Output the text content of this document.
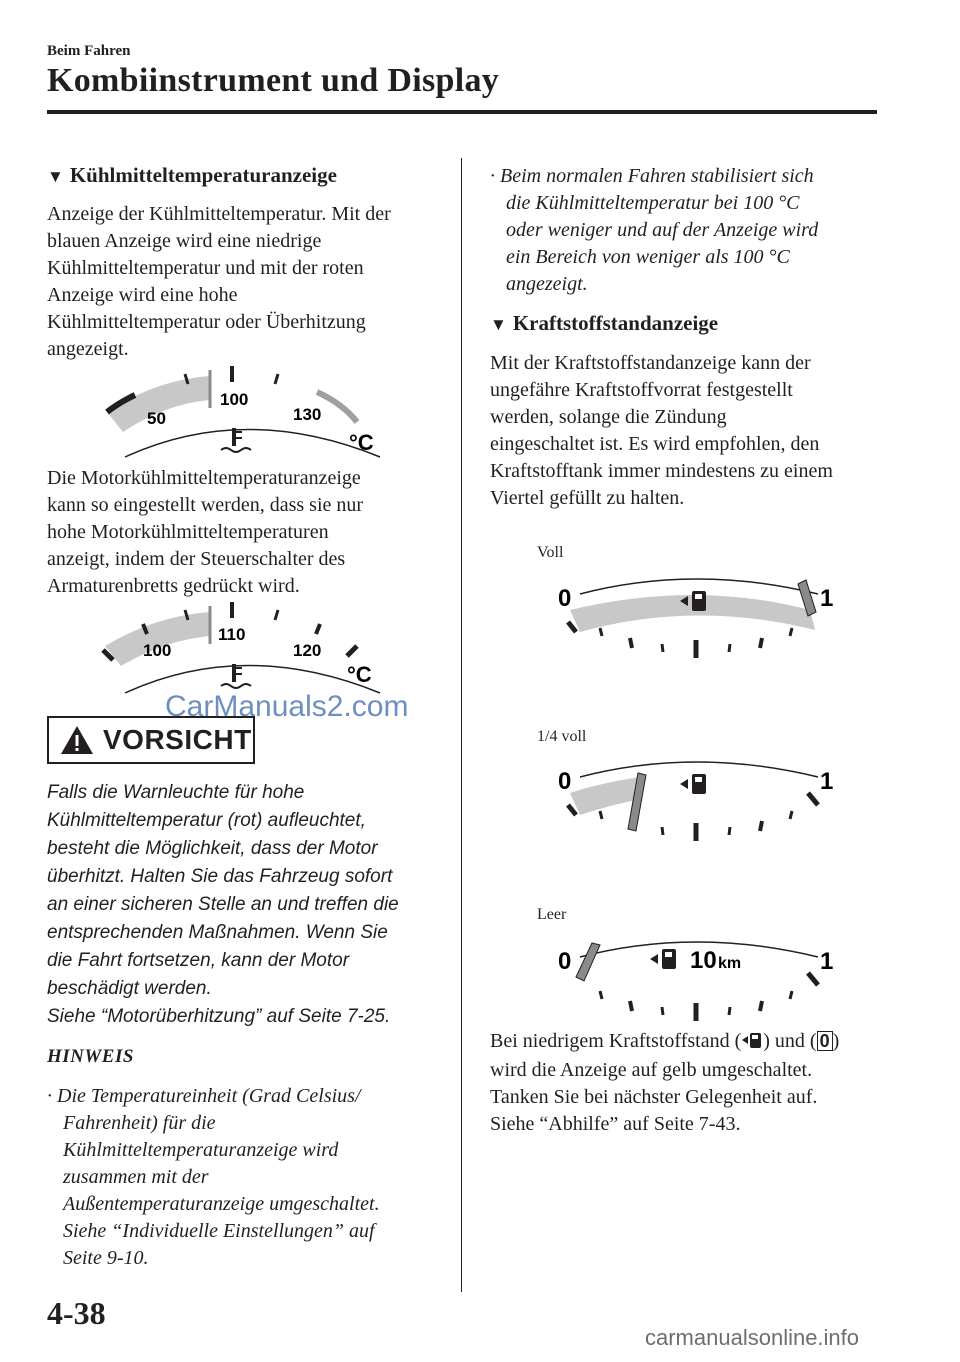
Beim Fahren
Kombiinstrument und Display
▼ Kühlmitteltemperaturanzeige

Anzeige der Kühlmitteltemperatur. Mit der

blauen Anzeige wird eine niedrige

Kühlmitteltemperatur und mit der roten

Anzeige wird eine hohe

Kühlmitteltemperatur oder Überhitzung

angezeigt.

50
100
130
°C

Die Motorkühlmitteltemperaturanzeige

kann so eingestellt werden, dass sie nur

hohe Motorkühlmitteltemperaturen

anzeigt, indem der Steuerschalter des

Armaturenbretts gedrückt wird.

100
110
120
°C
CarManuals2.com
VORSICHT

Falls die Warnleuchte für hohe

Kühlmitteltemperatur (rot) aufleuchtet,

besteht die Möglichkeit, dass der Motor

überhitzt. Halten Sie das Fahrzeug sofort

an einer sicheren Stelle an und treffen die

entsprechenden Maßnahmen. Wenn Sie

die Fahrt fortsetzen, kann der Motor

beschädigt werden.

Siehe “Motorüberhitzung” auf Seite 7-25.

HINWEIS

· Die Temperatureinheit (Grad Celsius/

Fahrenheit) für die

Kühlmitteltemperaturanzeige wird

zusammen mit der

Außentemperaturanzeige umgeschaltet.

Siehe “Individuelle Einstellungen” auf

Seite 9-10.

· Beim normalen Fahren stabilisiert sich

die Kühlmitteltemperatur bei 100 °C

oder weniger und auf der Anzeige wird

ein Bereich von weniger als 100 °C

angezeigt.

▼ Kraftstoffstandanzeige

Mit der Kraftstoffstandanzeige kann der

ungefähre Kraftstoffvorrat festgestellt

werden, solange die Zündung

eingeschaltet ist. Es wird empfohlen, den

Kraftstofftank immer mindestens zu einem

Viertel gefüllt zu halten.

Voll
0	1
1/4 voll
0	1
Leer
0	1
10 km

Bei niedrigem Kraftstoffstand ( ) und ( 0 )

wird die Anzeige auf gelb umgeschaltet.

Tanken Sie bei nächster Gelegenheit auf.

Siehe “Abhilfe” auf Seite 7-43.

4-38
carmanualsonline.info
